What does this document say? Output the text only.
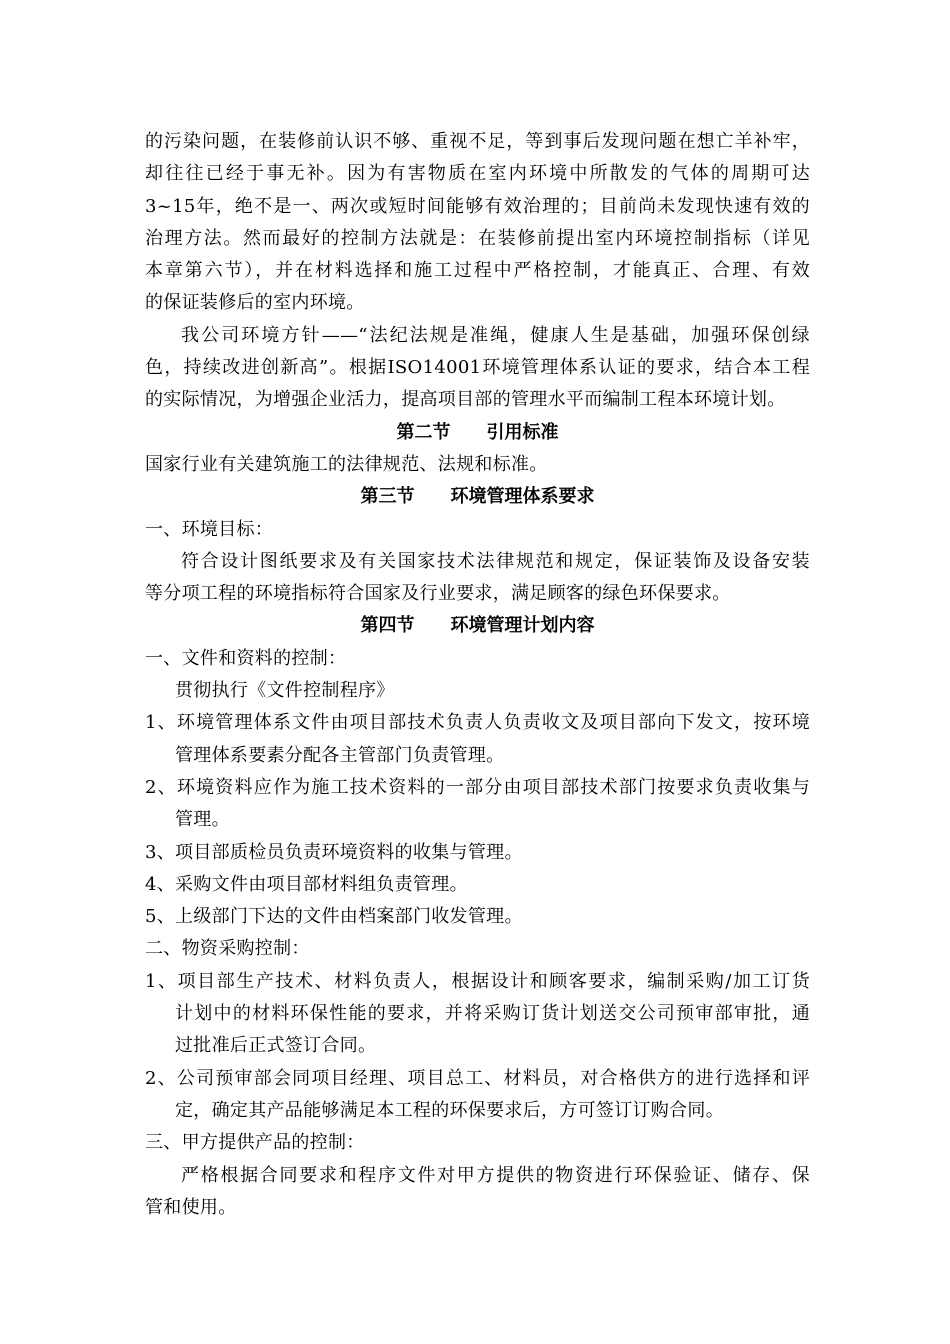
的污染问题，在装修前认识不够、重视不足，等到事后发现问题在想亡羊补牢，
却往往已经于事无补。因为有害物质在室内环境中所散发的气体的周期可达
3~15年，绝不是一、两次或短时间能够有效治理的；目前尚未发现快速有效的
治理方法。然而最好的控制方法就是：在装修前提出室内环境控制指标（详见
本章第六节），并在材料选择和施工过程中严格控制，才能真正、合理、有效
的保证装修后的室内环境。
我公司环境方针——“法纪法规是准绳，健康人生是基础，加强环保创绿
色，持续改进创新高”。根据ISO14001环境管理体系认证的要求，结合本工程
的实际情况，为增强企业活力，提高项目部的管理水平而编制工程本环境计划。
第二节　　引用标准
国家行业有关建筑施工的法律规范、法规和标准。
第三节　　环境管理体系要求
一、环境目标：
符合设计图纸要求及有关国家技术法律规范和规定，保证装饰及设备安装
等分项工程的环境指标符合国家及行业要求，满足顾客的绿色环保要求。
第四节　　环境管理计划内容
一、文件和资料的控制：
贯彻执行《文件控制程序》
1、环境管理体系文件由项目部技术负责人负责收文及项目部向下发文，按环境
管理体系要素分配各主管部门负责管理。
2、环境资料应作为施工技术资料的一部分由项目部技术部门按要求负责收集与
管理。
3、项目部质检员负责环境资料的收集与管理。
4、采购文件由项目部材料组负责管理。
5、上级部门下达的文件由档案部门收发管理。
二、物资采购控制：
1、项目部生产技术、材料负责人，根据设计和顾客要求，编制采购/加工订货
计划中的材料环保性能的要求，并将采购订货计划送交公司预审部审批，通
过批准后正式签订合同。
2、公司预审部会同项目经理、项目总工、材料员，对合格供方的进行选择和评
定，确定其产品能够满足本工程的环保要求后，方可签订订购合同。
三、甲方提供产品的控制：
严格根据合同要求和程序文件对甲方提供的物资进行环保验证、储存、保
管和使用。
